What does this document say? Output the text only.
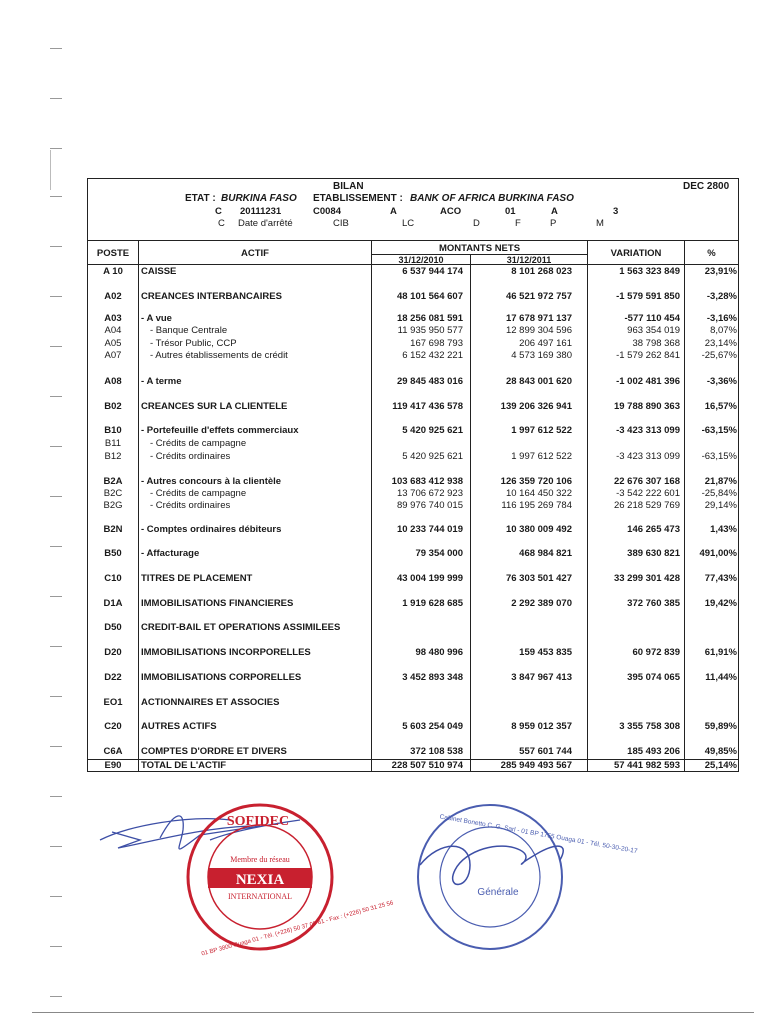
BILAN	DEC 2800
ETAT : BURKINA FASO ETABLISSEMENT : BANK OF AFRICA BURKINA FASO
C 20111231	C0084	A	ACO	01	A	3
C Date d'arrêté	CIB	LC	D	F	P	M
POSTE	ACTIF	MONTANTS NETS
31/12/2010	31/12/2011
VARIATION	%
A 10	CAISSE	6 537 944 174	8 101 268 023	1 563 323 849	23,91%
A02	CREANCES INTERBANCAIRES	48 101 564 607	46 521 972 757	-1 579 591 850	-3,28%
A03	- A vue	18 256 081 591	17 678 971 137	-577 110 454	-3,16%
A04	- Banque Centrale	11 935 950 577	12 899 304 596	963 354 019	8,07%
A05	- Trésor Public, CCP	167 698 793	206 497 161	38 798 368	23,14%
A07	- Autres établissements de crédit	6 152 432 221	4 573 169 380	-1 579 262 841	-25,67%
A08	- A terme	29 845 483 016	28 843 001 620	-1 002 481 396	-3,36%
B02	CREANCES SUR LA CLIENTELE	119 417 436 578	139 206 326 941	19 788 890 363	16,57%
B10	- Portefeuille d'effets commerciaux	5 420 925 621	1 997 612 522	-3 423 313 099	-63,15%
B11	- Crédits de campagne
B12	- Crédits ordinaires	5 420 925 621	1 997 612 522	-3 423 313 099	-63,15%
B2A	- Autres concours à la clientèle	103 683 412 938	126 359 720 106	22 676 307 168	21,87%
B2C	- Crédits de campagne	13 706 672 923	10 164 450 322	-3 542 222 601	-25,84%
B2G	- Crédits ordinaires	89 976 740 015	116 195 269 784	26 218 529 769	29,14%
B2N	- Comptes ordinaires débiteurs	10 233 744 019	10 380 009 492	146 265 473	1,43%
B50	- Affacturage	79 354 000	468 984 821	389 630 821	491,00%
C10	TITRES DE PLACEMENT	43 004 199 999	76 303 501 427	33 299 301 428	77,43%
D1A	IMMOBILISATIONS FINANCIERES	1 919 628 685	2 292 389 070	372 760 385	19,42%
D50	CREDIT-BAIL ET OPERATIONS ASSIMILEES
D20	IMMOBILISATIONS INCORPORELLES	98 480 996	159 453 835	60 972 839	61,91%
D22	IMMOBILISATIONS CORPORELLES	3 452 893 348	3 847 967 413	395 074 065	11,44%
EO1	ACTIONNAIRES ET ASSOCIES
C20	AUTRES ACTIFS	5 603 254 049	8 959 012 357	3 355 758 308	59,89%
C6A	COMPTES D'ORDRE ET DIVERS	372 108 538	557 601 744	185 493 206	49,85%
E90	TOTAL DE L'ACTIF	228 507 510 974	285 949 493 567	57 441 982 593	25,14%
SOFIDEC
Membre du réseau
NEXIA
INTERNATIONAL
01 BP 3800 Ouaga 01 - Tél. (+226) 50 37 09 61 - Fax : (+226) 50 31 25 56
Cabinet Bonetto C. G. Sarl - 01 BP 1755 Ouaga 01 - Tél. 50-30-20-17
Générale
